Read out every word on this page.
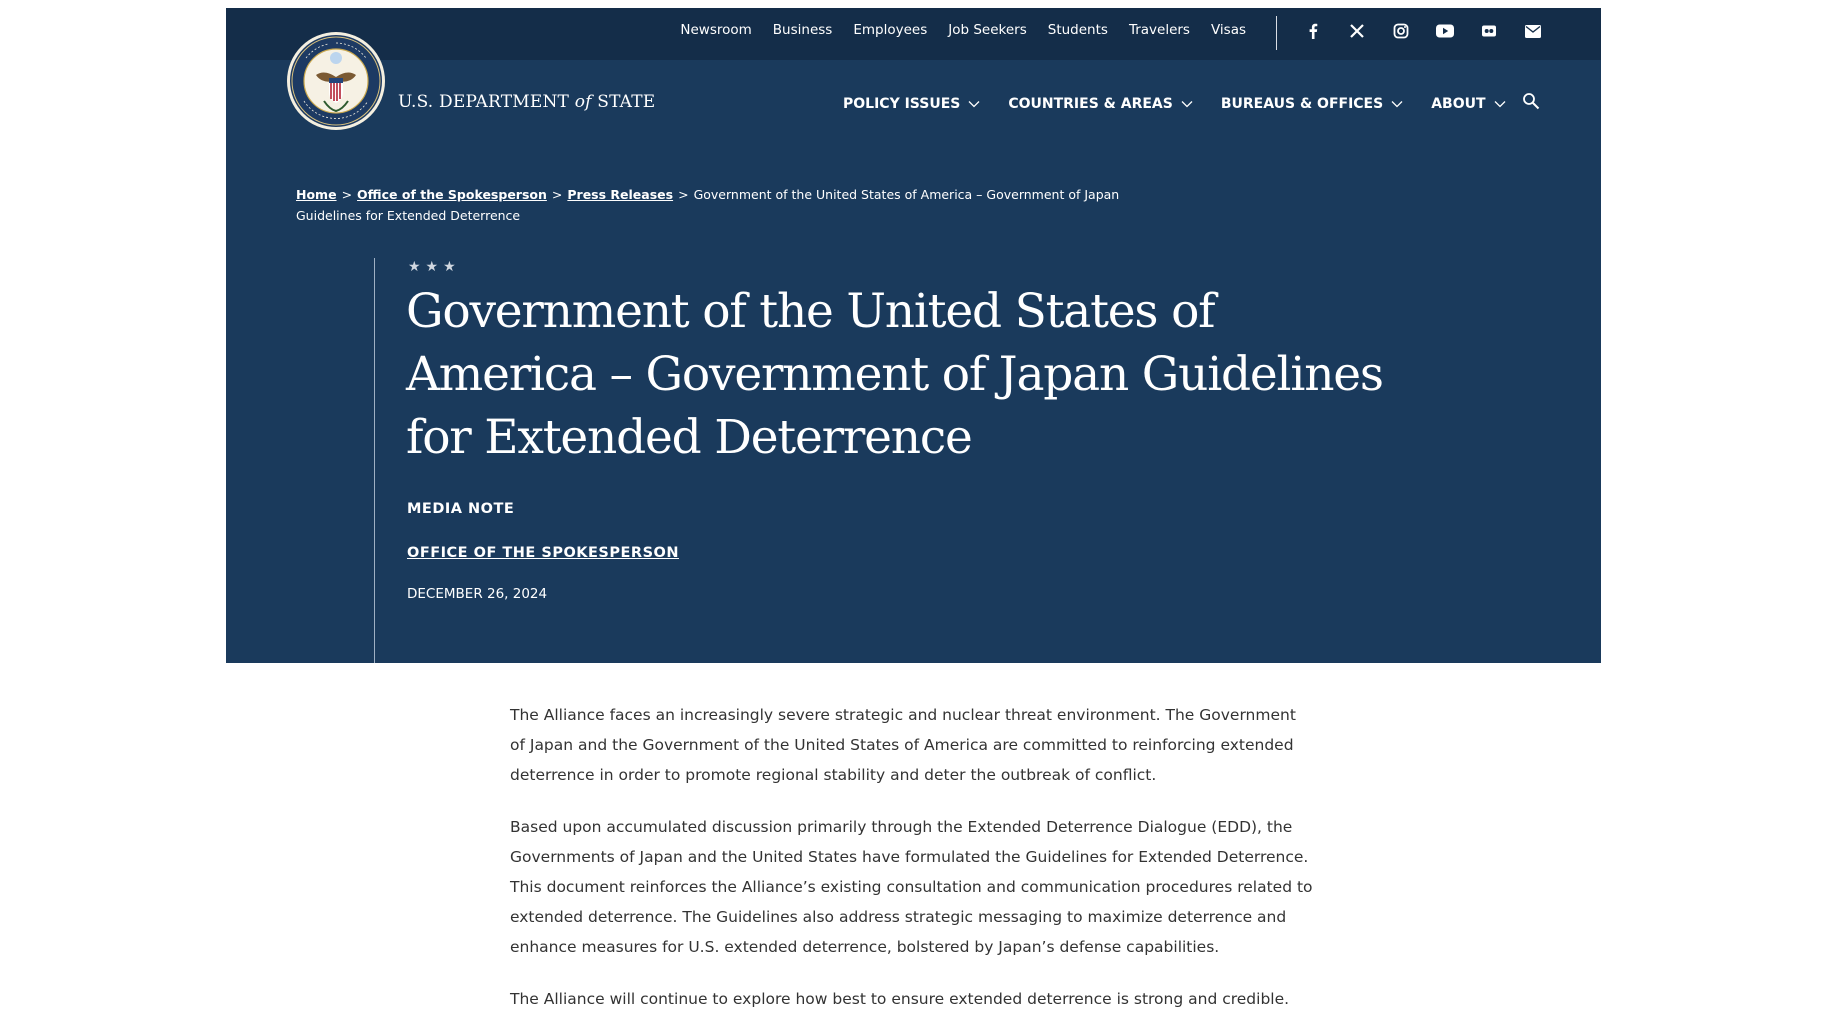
Newsroom Business Employees Job Seekers Students Travelers Visas
U.S. DEPARTMENT of STATE	POLICY ISSUES	COUNTRIES & AREAS	BUREAUS & OFFICES	ABOUT
Home > Office of the Spokesperson > Press Releases > Government of the United States of America – Government of Japan Guidelines for Extended Deterrence
★★★
Government of the United States of America – Government of Japan Guidelines for Extended Deterrence
MEDIA NOTE
OFFICE OF THE SPOKESPERSON
DECEMBER 26, 2024

The Alliance faces an increasingly severe strategic and nuclear threat environment. The Government of Japan and the Government of the United States of America are committed to reinforcing extended deterrence in order to promote regional stability and deter the outbreak of conflict.

Based upon accumulated discussion primarily through the Extended Deterrence Dialogue (EDD), the Governments of Japan and the United States have formulated the Guidelines for Extended Deterrence. This document reinforces the Alliance’s existing consultation and communication procedures related to extended deterrence. The Guidelines also address strategic messaging to maximize deterrence and enhance measures for U.S. extended deterrence, bolstered by Japan’s defense capabilities.

The Alliance will continue to explore how best to ensure extended deterrence is strong and credible.
